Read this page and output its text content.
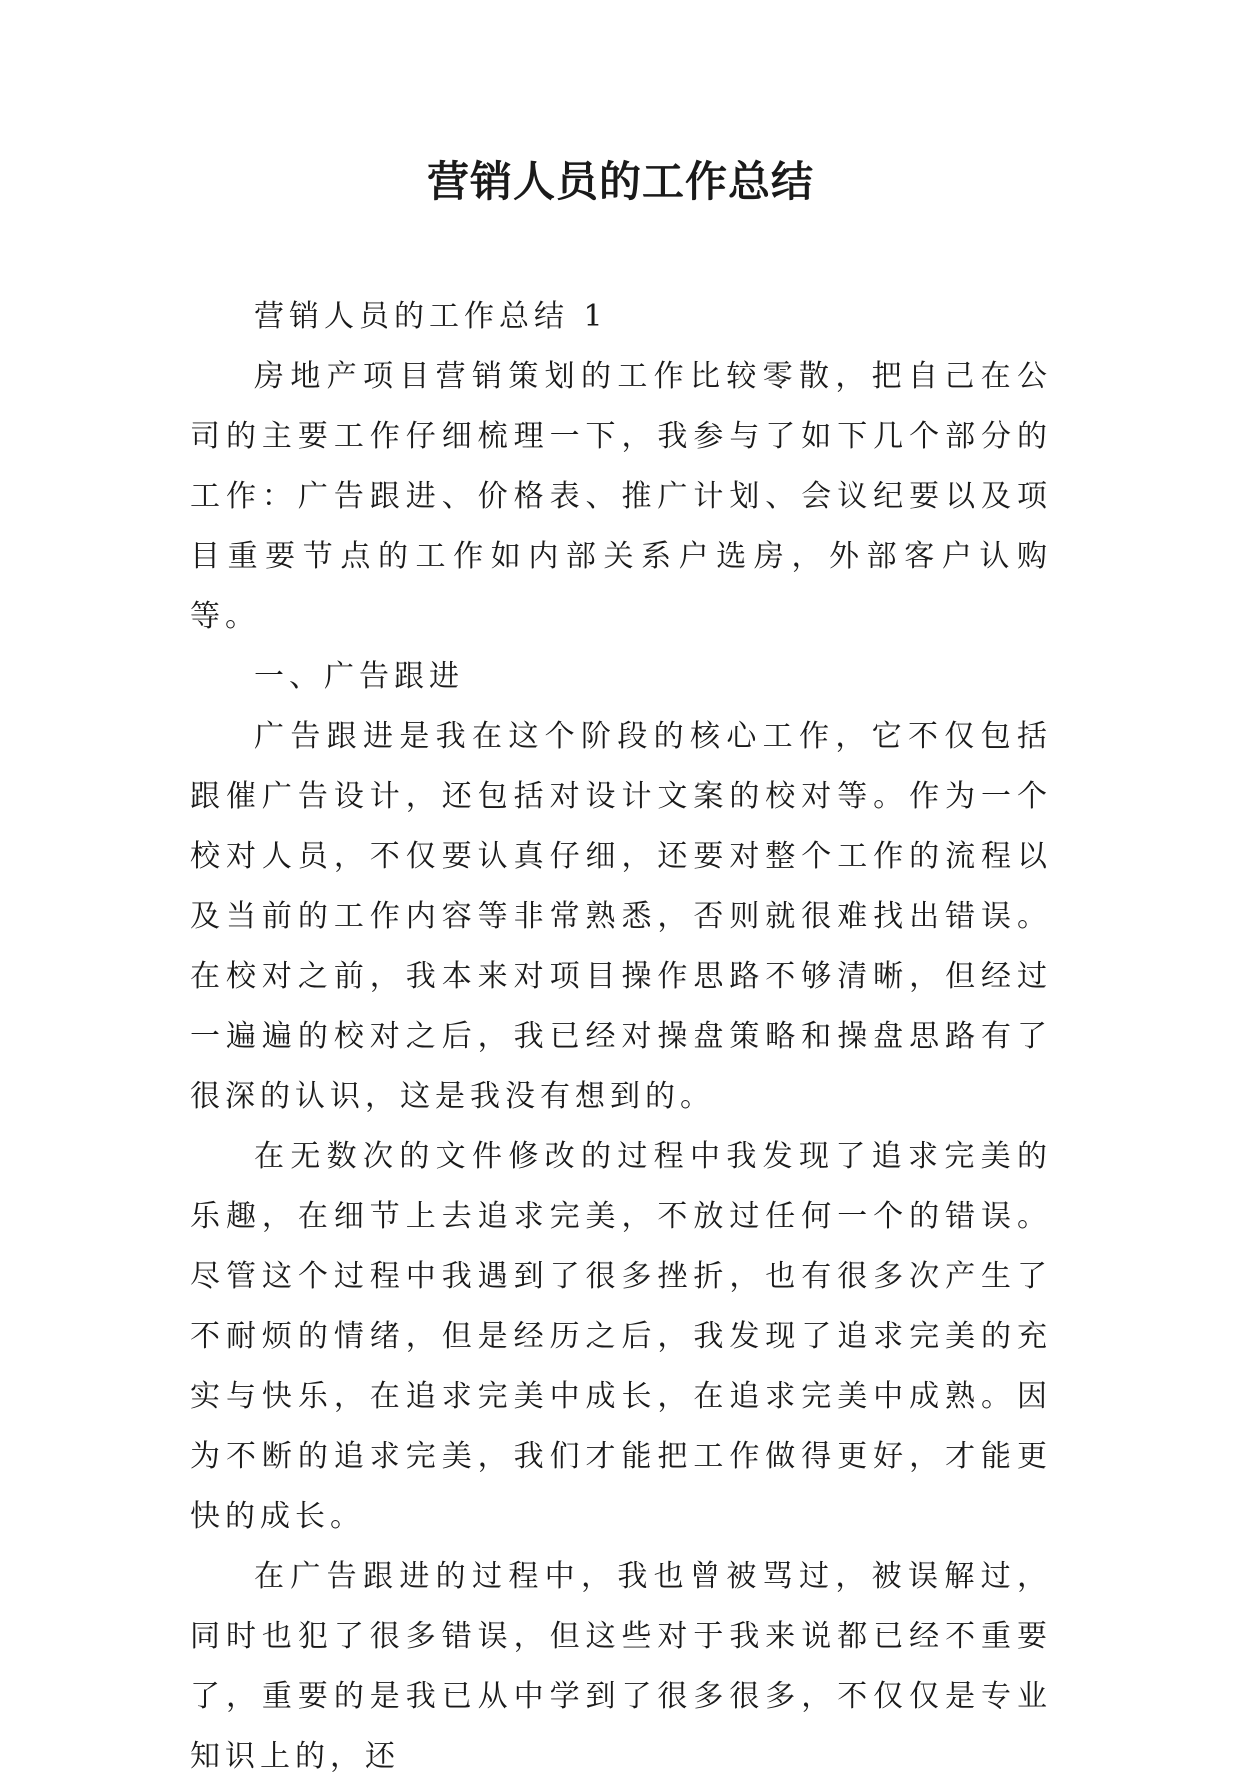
营销人员的工作总结

营销人员的工作总结 1

房地产项目营销策划的工作比较零散，把自己在公司的主要工作仔细梳理一下，我参与了如下几个部分的工作：广告跟进、价格表、推广计划、会议纪要以及项目重要节点的工作如内部关系户选房，外部客户认购等。

一、广告跟进

广告跟进是我在这个阶段的核心工作，它不仅包括跟催广告设计，还包括对设计文案的校对等。作为一个校对人员，不仅要认真仔细，还要对整个工作的流程以及当前的工作内容等非常熟悉，否则就很难找出错误。在校对之前，我本来对项目操作思路不够清晰，但经过一遍遍的校对之后，我已经对操盘策略和操盘思路有了很深的认识，这是我没有想到的。

在无数次的文件修改的过程中我发现了追求完美的乐趣，在细节上去追求完美，不放过任何一个的错误。尽管这个过程中我遇到了很多挫折，也有很多次产生了不耐烦的情绪，但是经历之后，我发现了追求完美的充实与快乐，在追求完美中成长，在追求完美中成熟。因为不断的追求完美，我们才能把工作做得更好，才能更快的成长。

在广告跟进的过程中，我也曾被骂过，被误解过，同时也犯了很多错误，但这些对于我来说都已经不重要了，重要的是我已从中学到了很多很多，不仅仅是专业知识上的，还
